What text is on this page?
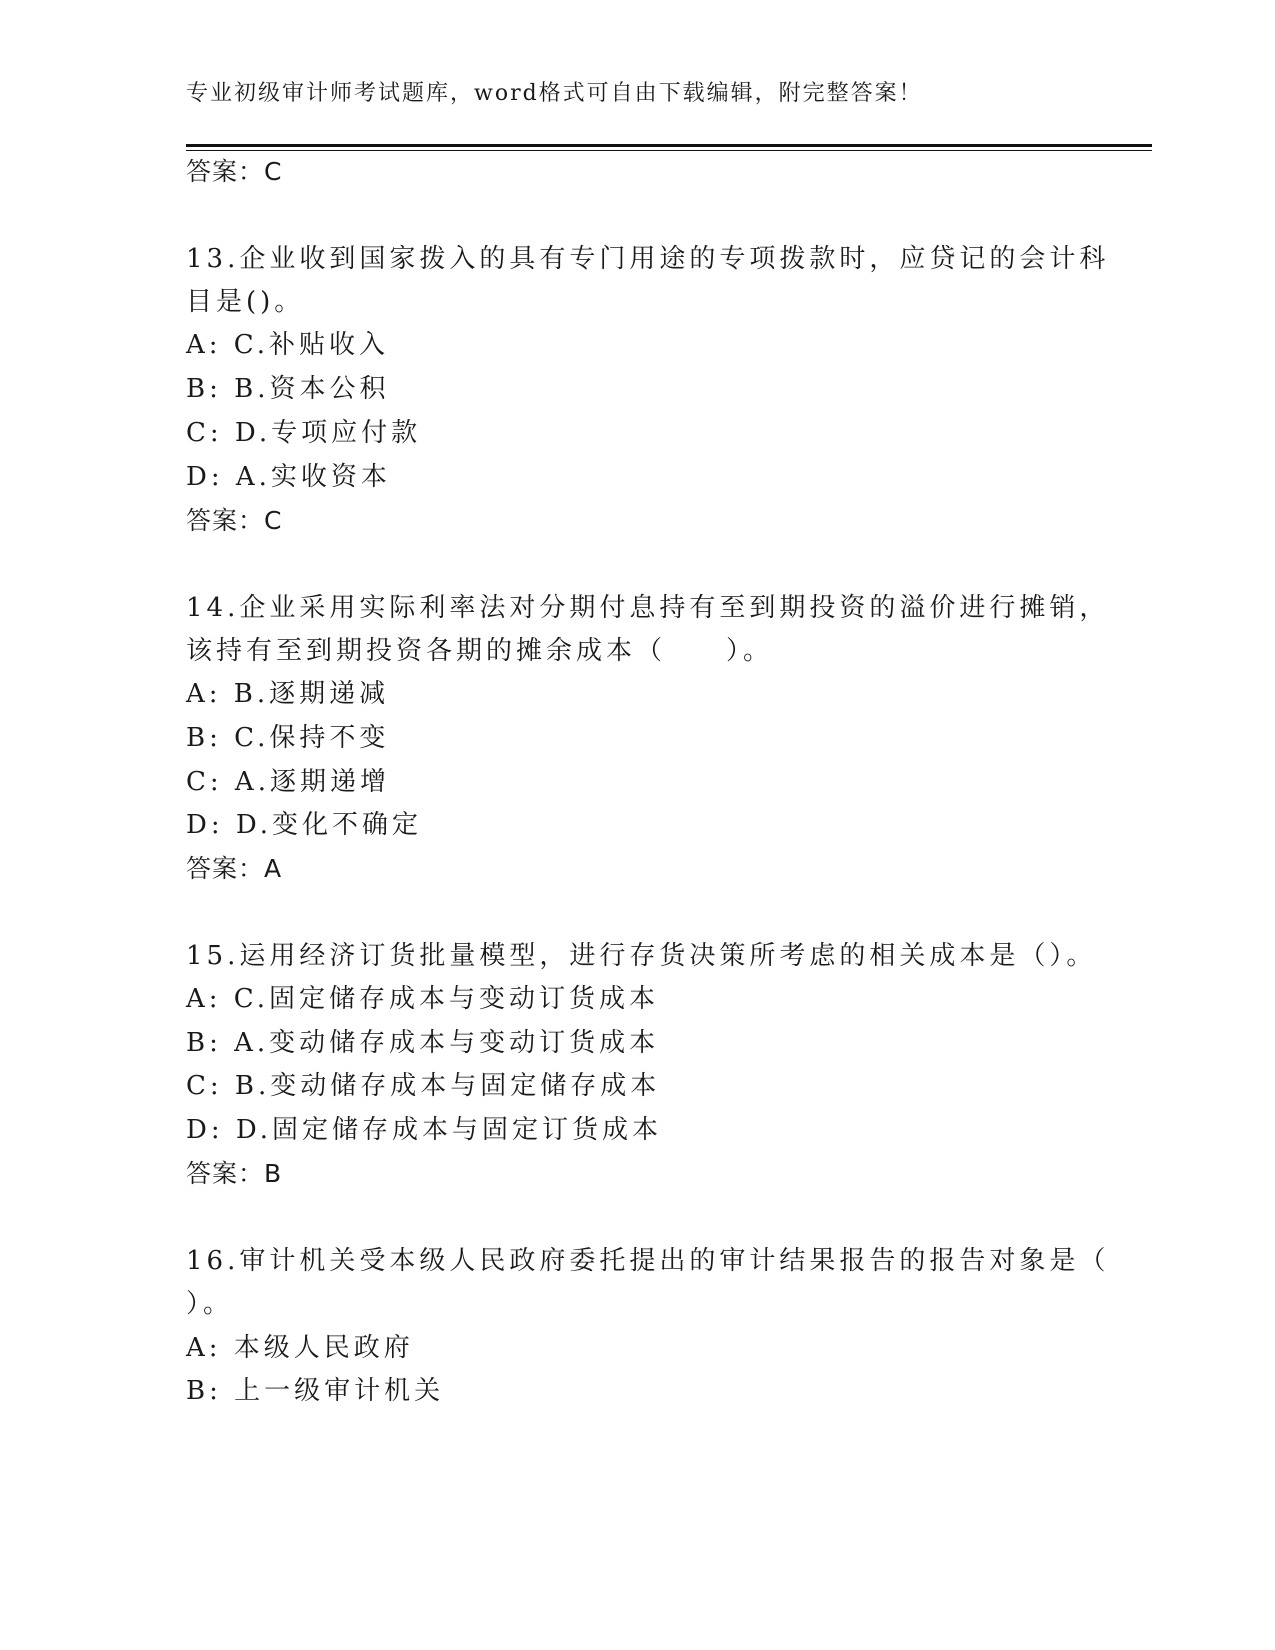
专业初级审计师考试题库，word格式可自由下载编辑，附完整答案！
答案：C
13.企业收到国家拨入的具有专门用途的专项拨款时，应贷记的会计科
目是()。
A: C.补贴收入
B: B.资本公积
C: D.专项应付款
D: A.实收资本
答案：C
14.企业采用实际利率法对分期付息持有至到期投资的溢价进行摊销，
该持有至到期投资各期的摊余成本（　　）。
A: B.逐期递减
B: C.保持不变
C: A.逐期递增
D: D.变化不确定
答案：A
15.运用经济订货批量模型，进行存货决策所考虑的相关成本是（）。
A: C.固定储存成本与变动订货成本
B: A.变动储存成本与变动订货成本
C: B.变动储存成本与固定储存成本
D: D.固定储存成本与固定订货成本
答案：B
16.审计机关受本级人民政府委托提出的审计结果报告的报告对象是（
）。
A: 本级人民政府
B: 上一级审计机关
